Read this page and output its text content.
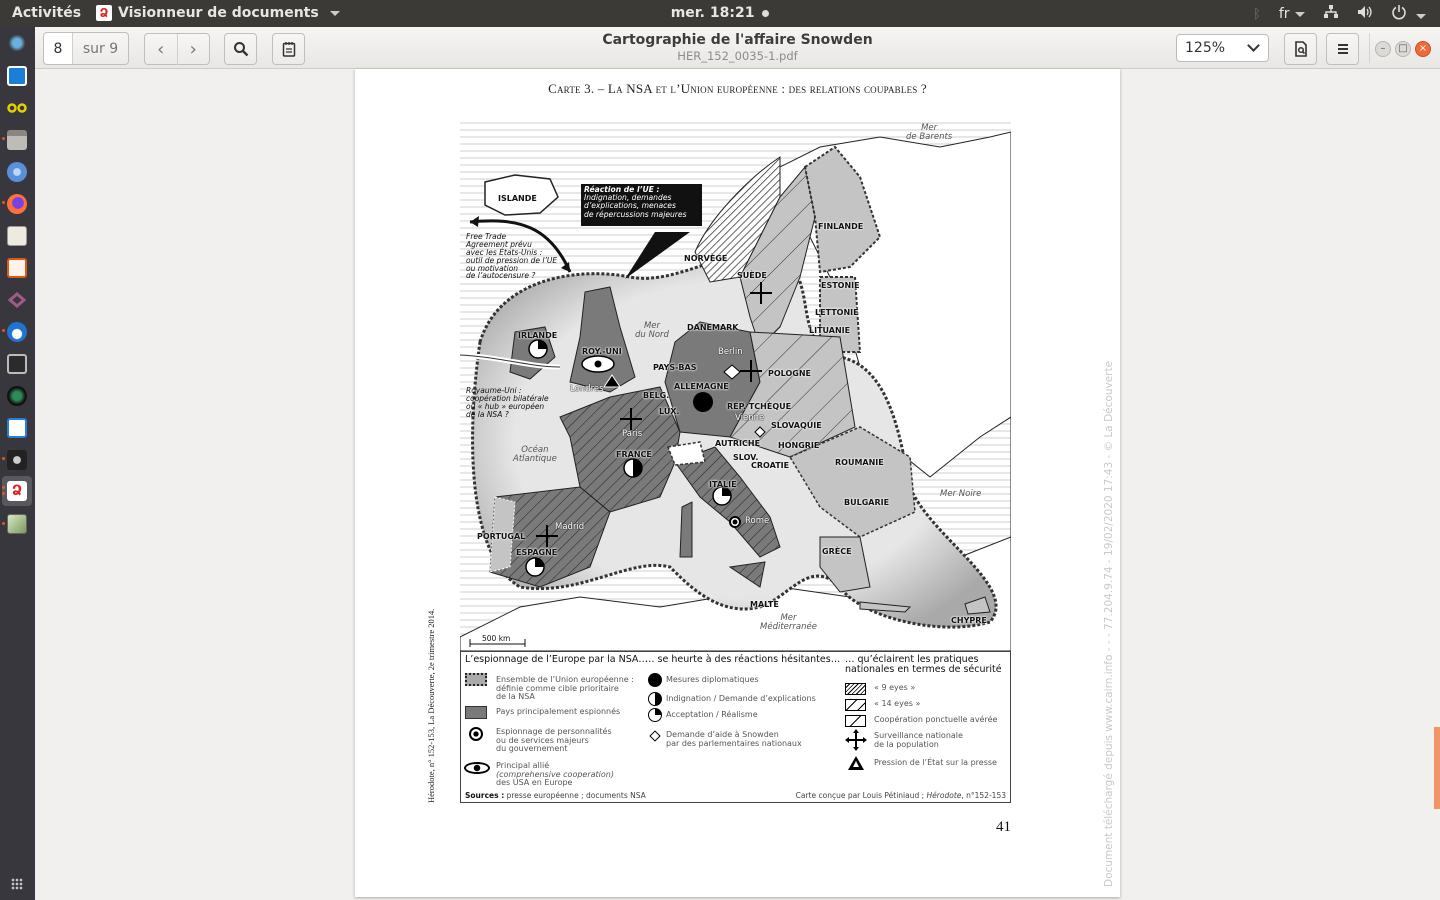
Activités	Ձ Visionneur de documents	mer. 18:21	ᛒ fr

Ձ
8	sur 9	‹	›	Cartographie de l'affaire Snowden
HER_152_0035-1.pdf	125%	–	□	×
Carte 3. – La NSA et l’Union européenne : des relations coupables ?
Réaction de l’UE :
Indignation, demandes
d’explications, menaces
de répercussions majeures
Free Trade
Agreement prévu
avec les États-Unis :
outil de pression de l’UE
ou motivation
de l’autocensure ?
Royaume-Uni :
coopération bilatérale
ou « hub » européen
de la NSA ?
500 km
ISLANDE
NORVÈGE
SUÈDE
FINLANDE
ESTONIE
LETTONIE
LITUANIE
DANEMARK
IRLANDE
ROY.-UNI
PAYS-BAS
ALLEMAGNE
BELG.
LUX.
POLOGNE
RÉP. TCHÈQUE
SLOVAQUIE
AUTRICHE HONGRIE
SLOV.
CROATIE	ROUMANIE
BULGARIE
FRANCE
ITALIE
PORTUGAL
ESPAGNE	GRÈCE
MALTE
CHYPRE
Berlin
Londres
Paris
Vienne
Madrid
Rome
Mer
de Barents
Mer
du Nord
Océan
Atlantique
Mer Noire
Mer
Méditerranée
L’espionnage de l’Europe par la NSA…
Ensemble de l’Union européenne :
définie comme cible prioritaire
de la NSA
Pays principalement espionnés
Espionnage de personnalités
ou de services majeurs
du gouvernement
Principal allié
(comprehensive cooperation)
des USA en Europe
… se heurte à des réactions hésitantes…
Mesures diplomatiques
Indignation / Demande d’explications
Acceptation / Réalisme
Demande d’aide à Snowden
par des parlementaires nationaux
… qu’éclairent les pratiques
nationales en termes de sécurité
« 9 eyes »
« 14 eyes »
Coopération ponctuelle avérée
Surveillance nationale
de la population
Pression de l’État sur la presse
Sources : presse européenne ; documents NSA	Carte conçue par Louis Pétiniaud ; Hérodote, n°152-153
Hérodote, n° 152-153, La Découverte, 2e trimestre 2014.
41	Document téléchargé depuis www.cairn.info - - - 77.204.9.74 - 19/02/2020 17:43 - © La Découverte
